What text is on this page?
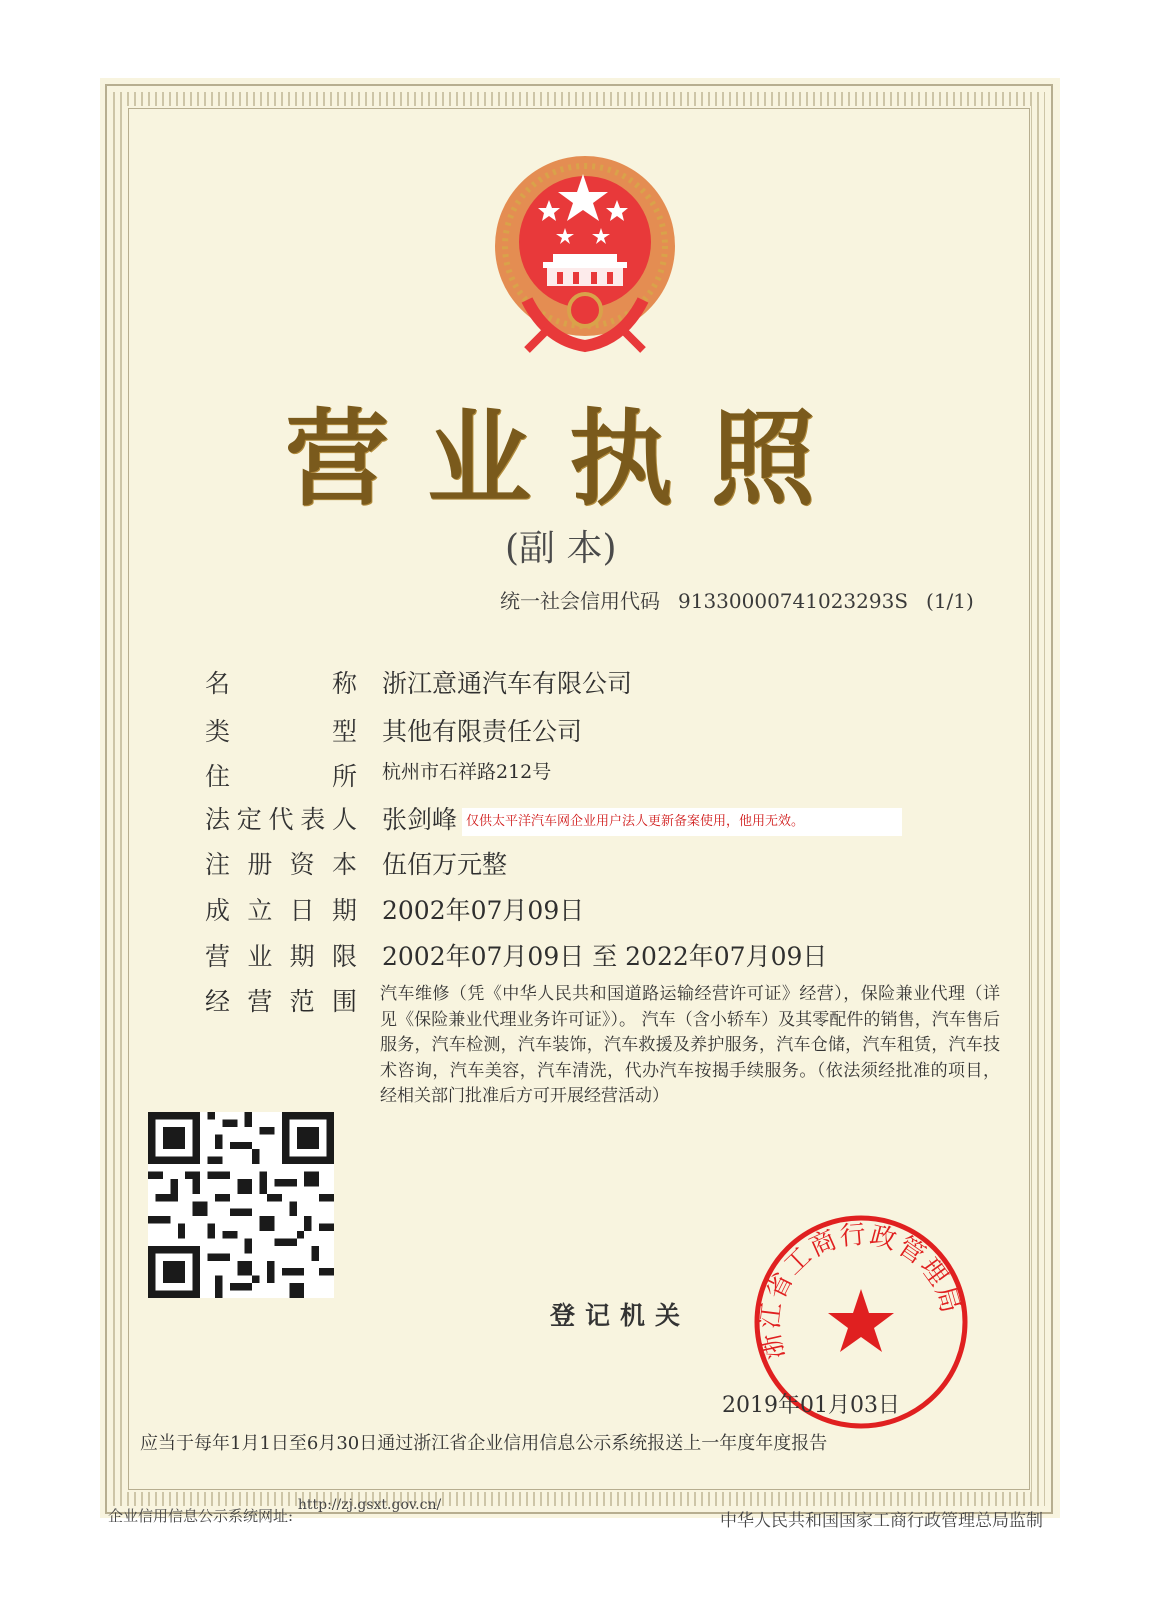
营业执照
(副 本)
统一社会信用代码 91330000741023293S (1/1)
名称 浙江意通汽车有限公司
类型 其他有限责任公司
住所 杭州市石祥路212号
法定代表人 张剑峰
注册资本 伍佰万元整
成立日期 2002年07月09日
营业期限 2002年07月09日 至 2022年07月09日
经营范围 汽车维修（凭《中华人民共和国道路运输经营许可证》经营），保险兼业代理（详见《保险兼业代理业务许可证》）。 汽车（含小轿车）及其零配件的销售，汽车售后服务，汽车检测，汽车装饰，汽车救援及养护服务，汽车仓储，汽车租赁，汽车技术咨询，汽车美容，汽车清洗，代办汽车按揭手续服务。（依法须经批准的项目，经相关部门批准后方可开展经营活动）
仅供太平洋汽车网企业用户法人更新备案使用，他用无效。
登记机关
浙江省工商行政管理局
2019年01月03日
应当于每年1月1日至6月30日通过浙江省企业信用信息公示系统报送上一年度年度报告
企业信用信息公示系统网址: http://zj.gsxt.gov.cn/
中华人民共和国国家工商行政管理总局监制
